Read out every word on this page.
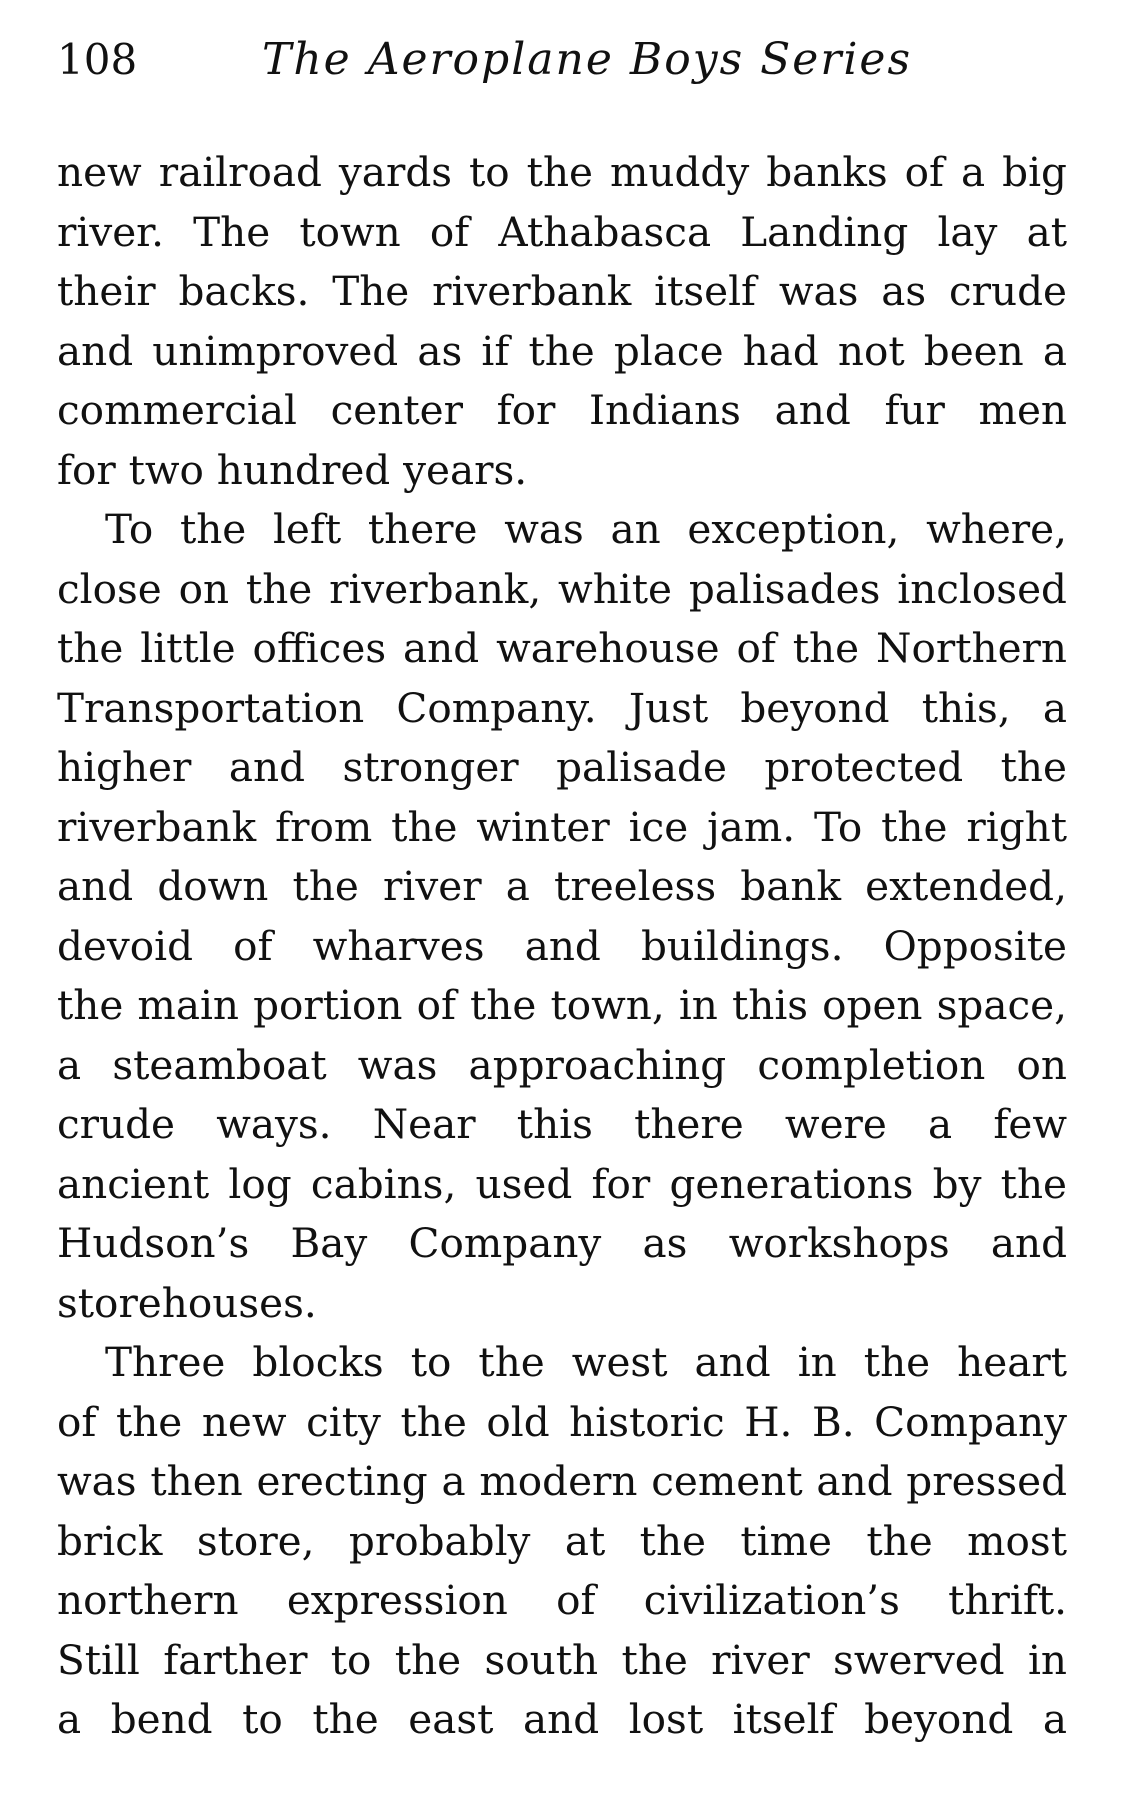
108	The Aeroplane Boys Series
new railroad yards to the muddy banks of a big
river. The town of Athabasca Landing lay at
their backs. The riverbank itself was as crude
and unimproved as if the place had not been a
commercial center for Indians and fur men
for two hundred years.
To the left there was an exception, where,
close on the riverbank, white palisades inclosed
the little offices and warehouse of the Northern
Transportation Company. Just beyond this, a
higher and stronger palisade protected the
riverbank from the winter ice jam. To the right
and down the river a treeless bank extended,
devoid of wharves and buildings. Opposite
the main portion of the town, in this open space,
a steamboat was approaching completion on
crude ways. Near this there were a few
ancient log cabins, used for generations by the
Hudson’s Bay Company as workshops and
storehouses.
Three blocks to the west and in the heart
of the new city the old historic H. B. Company
was then erecting a modern cement and pressed
brick store, probably at the time the most
northern expression of civilization’s thrift.
Still farther to the south the river swerved in
a bend to the east and lost itself beyond a
